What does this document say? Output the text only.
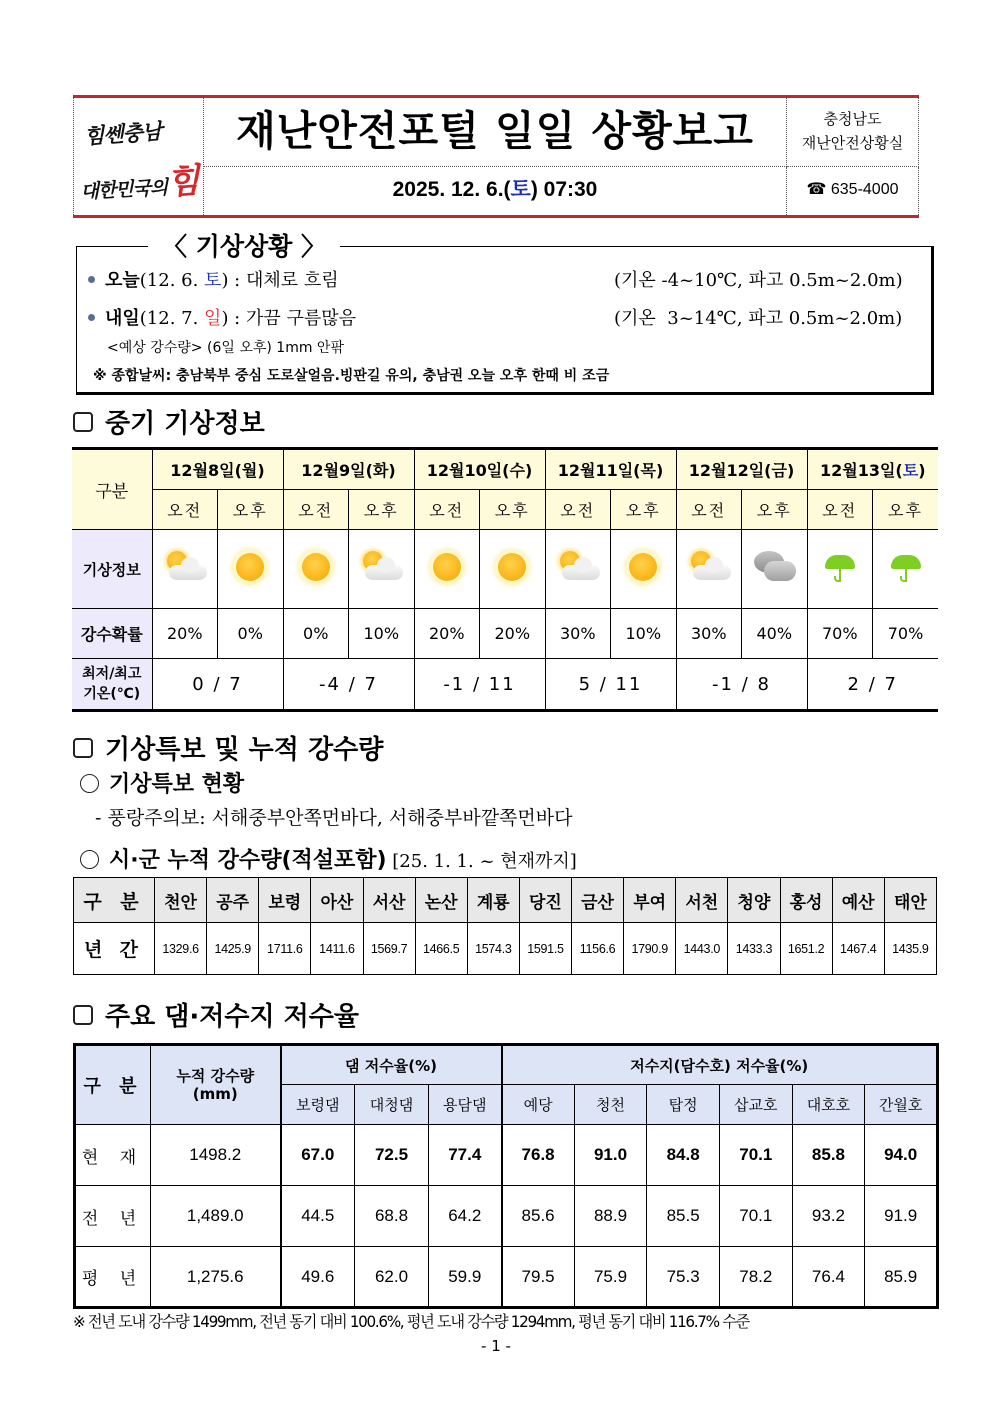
힘쎈충남
대한민국의힘
재난안전포털 일일 상황보고
2025. 12. 6.(토) 07:30
충청남도
재난안전상황실
☎ 635-4000
〈 기상상황 〉
오늘(12. 6. 토) : 대체로 흐림	(기온 -4~10℃, 파고 0.5m~2.0m)
내일(12. 7. 일) : 가끔 구름많음	(기온  3~14℃, 파고 0.5m~2.0m)
<예상 강수량> (6일 오후) 1mm 안팎
※ 종합날씨: 충남북부 중심 도로살얼음.빙판길 유의, 충남권 오늘 오후 한때 비 조금
중기 기상정보
구분	12월8일(월)		12월9일(화)		12월10일(수)		12월11일(목)		12월12일(금)		12월13일(토)	
	오전	오후	오전	오후	오전	오후	오전	오후	오전	오후	오전	오후
기상정보	

강수확률	20%	0%	0%	10%	20%	20%	30%	10%	30%	40%	70%	70%

최저/최고
기온(℃)	0 / 7		-4 / 7		-1 / 11		5 / 11		-1 / 8		2 / 7	
기상특보 및 누적 강수량
기상특보 현황
- 풍랑주의보: 서해중부안쪽먼바다, 서해중부바깥쪽먼바다
시·군 누적 강수량(적설포함) [25. 1. 1. ~ 현재까지]
구 분	천안	공주	보령	아산	서산	논산	계룡	당진	금산	부여	서천	청양	홍성	예산	태안
년 간	1329.6	1425.9	1711.6	1411.6	1569.7	1466.5	1574.3	1591.5	1156.6	1790.9	1443.0	1433.3	1651.2	1467.4	1435.9
주요 댐·저수지 저수율
구 분	누적 강수량
(mm)	댐 저수율(%)			저수지(담수호) 저수율(%)					
		보령댐	대청댐	용담댐	예당	청천	탑정	삽교호	대호호	간월호
현 재	1498.2	67.0	72.5	77.4	76.8	91.0	84.8	70.1	85.8	94.0
전 년	1,489.0	44.5	68.8	64.2	85.6	88.9	85.5	70.1	93.2	91.9
평 년	1,275.6	49.6	62.0	59.9	79.5	75.9	75.3	78.2	76.4	85.9
※ 전년 도내 강수량 1499mm, 전년 동기 대비 100.6%, 평년 도내 강수량 1294mm, 평년 동기 대비 116.7% 수준
- 1 -
